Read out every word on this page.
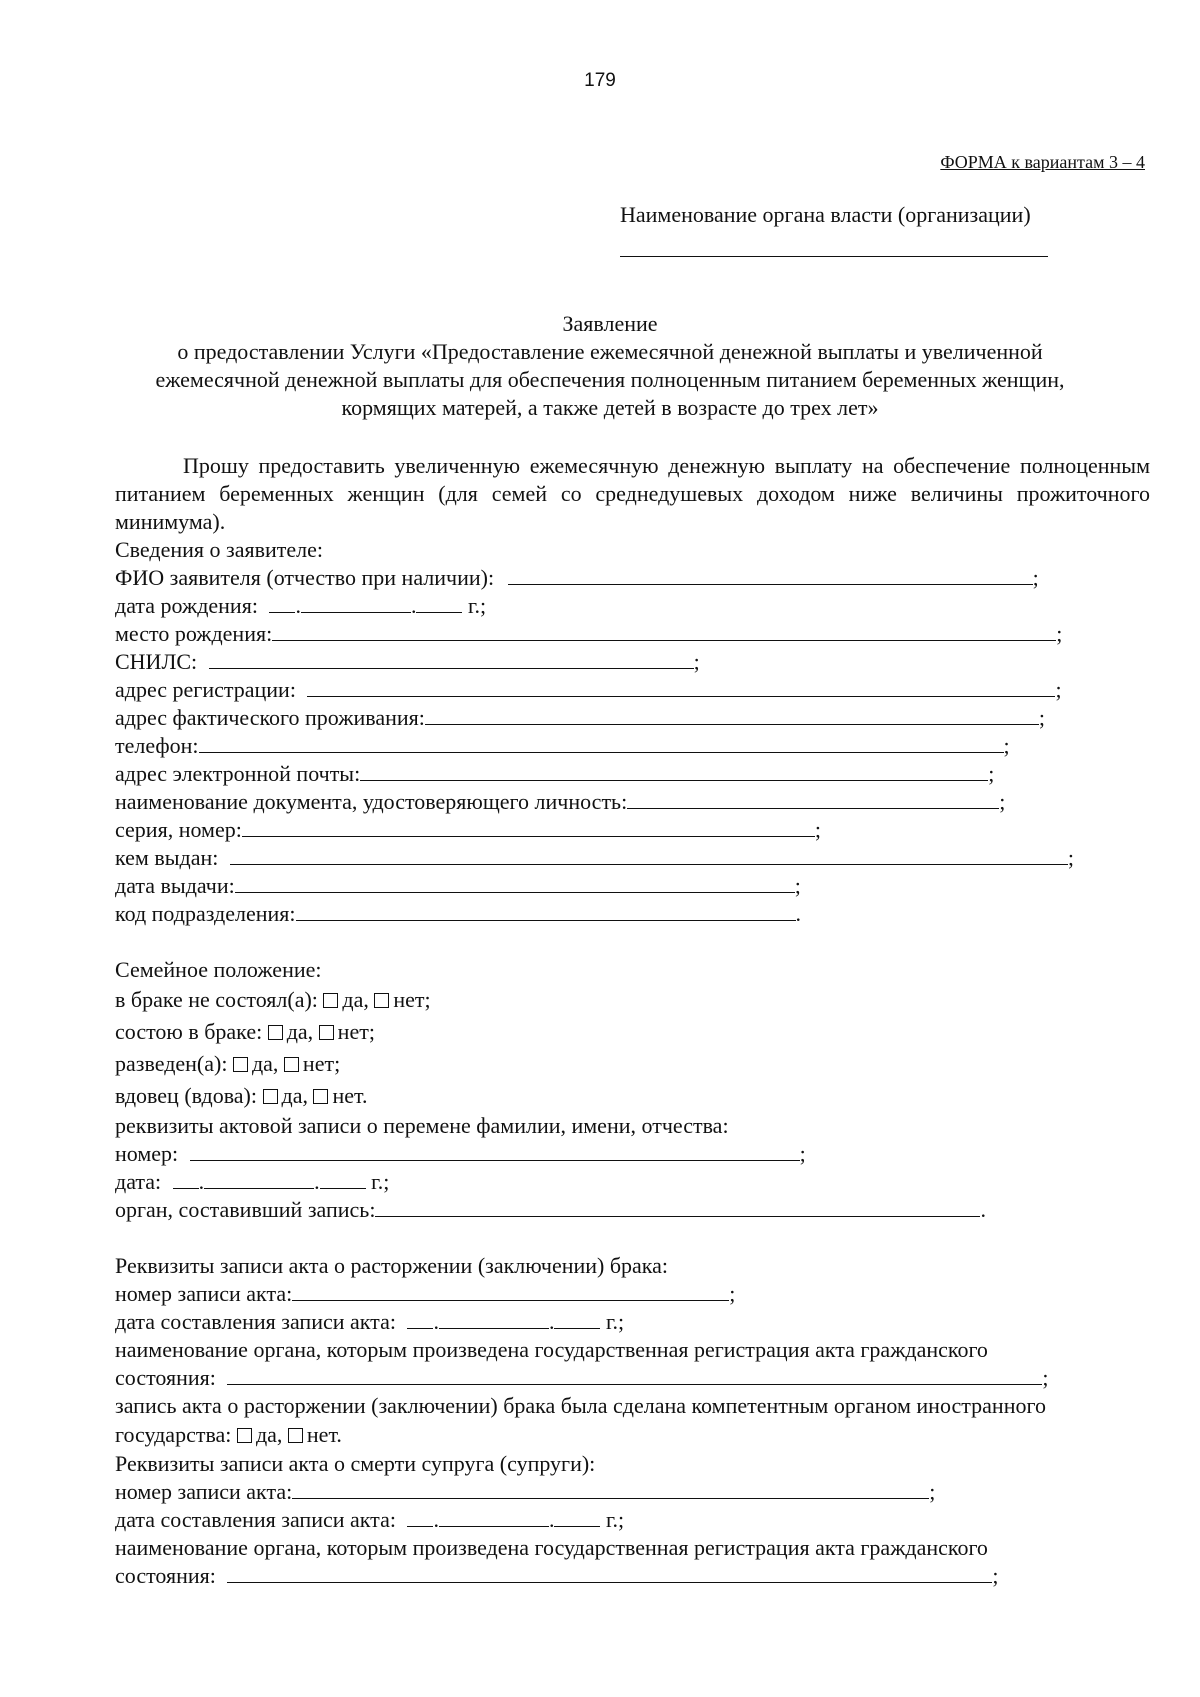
179
ФОРМА к вариантам 3 – 4
Наименование органа власти (организации)
Заявление
о предоставлении Услуги «Предоставление ежемесячной денежной выплаты и увеличенной
ежемесячной денежной выплаты для обеспечения полноценным питанием беременных женщин,
кормящих матерей, а также детей в возрасте до трех лет»
Прошу предоставить увеличенную ежемесячную денежную выплату на обеспечение полноценным питанием беременных женщин (для семей со среднедушевых доходом ниже величины прожиточного минимума).
Сведения о заявителе:
ФИО заявителя (отчество при наличии):	;
дата рождения: .	. г.;
место рождения:	;
СНИЛС:	;
адрес регистрации:	;
адрес фактического проживания:	;
телефон:	;
адрес электронной почты:	;
наименование документа, удостоверяющего личность:	;
серия, номер:	;
кем выдан:	;
дата выдачи:	;
код подразделения:	.
Семейное положение:
в браке не состоял(а): да, нет;
состою в браке: да, нет;
разведен(а): да, нет;
вдовец (вдова): да, нет.
реквизиты актовой записи о перемене фамилии, имени, отчества:
номер:	;
дата: .	. г.;
орган, составивший запись:	.
Реквизиты записи акта о расторжении (заключении) брака:
номер записи акта:	;
дата составления записи акта: .	. г.;
наименование органа, которым произведена государственная регистрация акта гражданского
состояния:	;
запись акта о расторжении (заключении) брака была сделана компетентным органом иностранного
государства: да, нет.
Реквизиты записи акта о смерти супруга (супруги):
номер записи акта:	;
дата составления записи акта: .	. г.;
наименование органа, которым произведена государственная регистрация акта гражданского
состояния:	;
